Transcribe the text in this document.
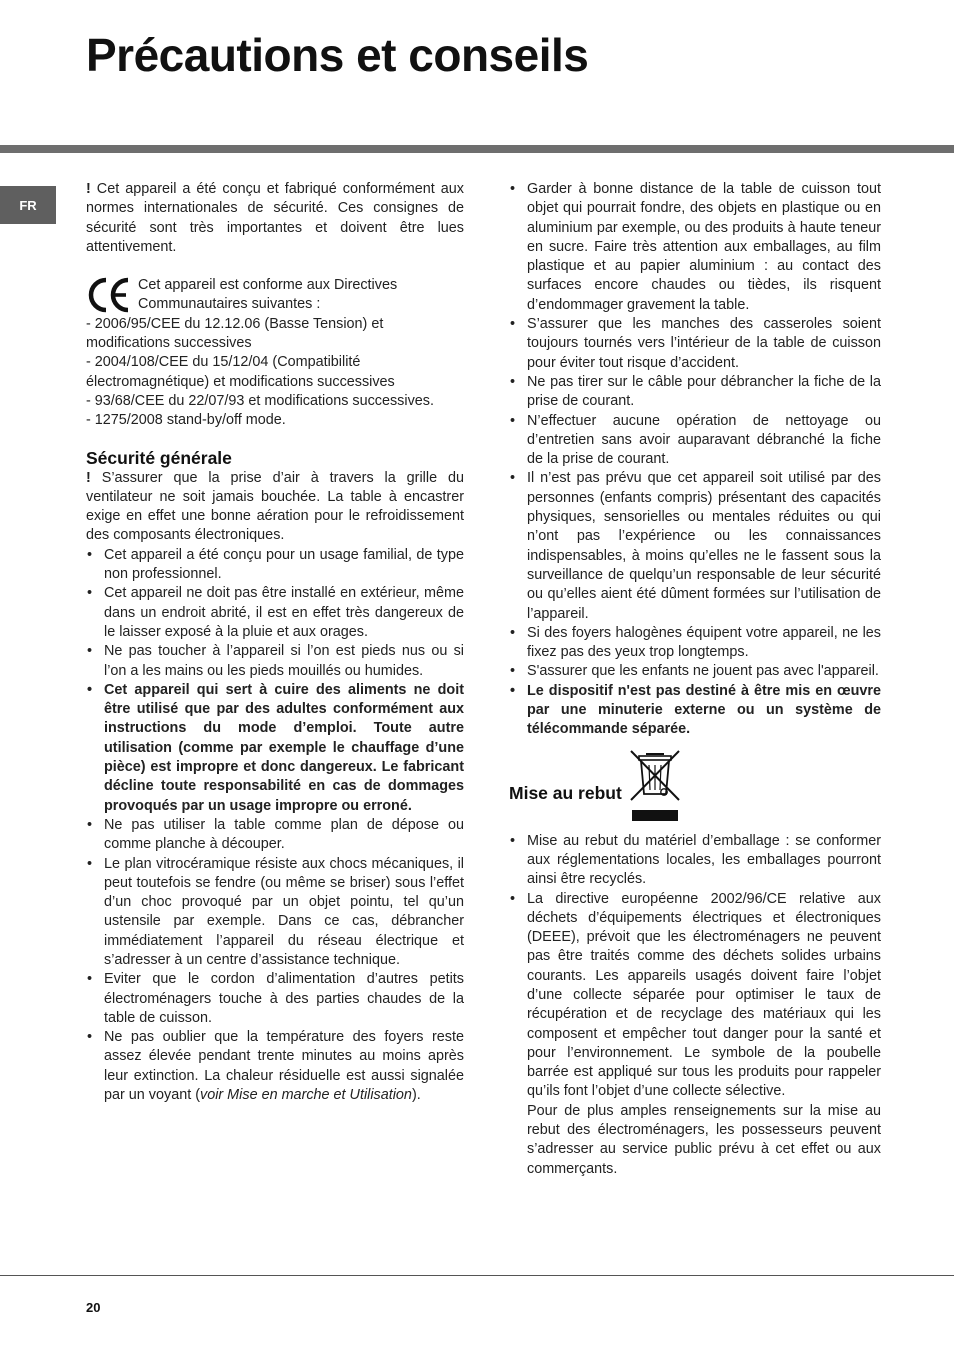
Précautions et conseils
FR

! Cet appareil a été conçu et fabriqué conformément aux normes internationales de sécurité. Ces consignes de sécurité sont très importantes et doivent être lues attentivement.

Cet appareil est conforme aux Directives Communautaires suivantes :
- 2006/95/CEE du 12.12.06 (Basse Tension) et modifications successives
- 2004/108/CEE du 15/12/04 (Compatibilité électromagnétique) et modifications successives
- 93/68/CEE du 22/07/93 et modifications successives.
- 1275/2008 stand-by/off mode.
Sécurité générale

! S’assurer que la prise d’air à travers la grille du ventilateur ne soit jamais bouchée. La table à encastrer exige en effet une bonne aération pour le refroidissement des composants électroniques.

• Cet appareil a été conçu pour un usage familial, de type non professionnel.
• Cet appareil ne doit pas être installé en extérieur, même dans un endroit abrité, il est en effet très dangereux de le laisser exposé à la pluie et aux orages.
• Ne pas toucher à l’appareil si l’on est pieds nus ou si l’on a les mains ou les pieds mouillés ou humides.
• Cet appareil qui sert à cuire des aliments ne doit être utilisé que par des adultes conformément aux instructions du mode d’emploi. Toute autre utilisation (comme par exemple le chauffage d’une pièce) est impropre et donc dangereux. Le fabricant décline toute responsabilité en cas de dommages provoqués par un usage impropre ou erroné.
• Ne pas utiliser la table comme plan de dépose ou comme planche à découper.
• Le plan vitrocéramique résiste aux chocs mécaniques, il peut toutefois se fendre (ou même se briser) sous l’effet d’un choc provoqué par un objet pointu, tel qu’un ustensile par exemple. Dans ce cas, débrancher immédiatement l’appareil du réseau électrique et s’adresser à un centre d’assistance technique.
• Eviter que le cordon d’alimentation d’autres petits électroménagers touche à des parties chaudes de la table de cuisson.
• Ne pas oublier que la température des foyers reste assez élevée pendant trente minutes au moins après leur extinction. La chaleur résiduelle est aussi signalée par un voyant (voir Mise en marche et Utilisation).
• Garder à bonne distance de la table de cuisson tout objet qui pourrait fondre, des objets en plastique ou en aluminium par exemple, ou des produits à haute teneur en sucre. Faire très attention aux emballages, au film plastique et au papier aluminium : au contact des surfaces encore chaudes ou tièdes, ils risquent d’endommager gravement la table.
• S’assurer que les manches des casseroles soient toujours tournés vers l’intérieur de la table de cuisson pour éviter tout risque d’accident.
• Ne pas tirer sur le câble pour débrancher la fiche de la prise de courant.
• N’effectuer aucune opération de nettoyage ou d’entretien sans avoir auparavant débranché la fiche de la prise de courant.
• Il n’est pas prévu que cet appareil soit utilisé par des personnes (enfants compris) présentant des capacités physiques, sensorielles ou mentales réduites ou qui n’ont pas l’expérience ou les connaissances indispensables, à moins qu’elles ne le fassent sous la surveillance de quelqu’un responsable de leur sécurité ou qu’elles aient été dûment formées sur l’utilisation de l’appareil.
• Si des foyers halogènes équipent votre appareil, ne les fixez pas des yeux trop longtemps.
• S'assurer que les enfants ne jouent pas avec l'appareil.
• Le dispositif n'est pas destiné à être mis en œuvre par une minuterie externe ou un système de télécommande séparée.
Mise au rebut
• Mise au rebut du matériel d’emballage : se conformer aux réglementations locales, les emballages pourront ainsi être recyclés.
• La directive européenne 2002/96/CE relative aux déchets d’équipements électriques et électroniques (DEEE), prévoit que les électroménagers ne peuvent pas être traités comme des déchets solides urbains courants. Les appareils usagés doivent faire l’objet d’une collecte séparée pour optimiser le taux de récupération et de recyclage des matériaux qui les composent et empêcher tout danger pour la santé et pour l’environnement. Le symbole de la poubelle barrée est appliqué sur tous les produits pour rappeler qu’ils font l’objet d’une collecte sélective.

Pour de plus amples renseignements sur la mise au rebut des électroménagers, les possesseurs peuvent s’adresser au service public prévu à cet effet ou aux commerçants.

20
